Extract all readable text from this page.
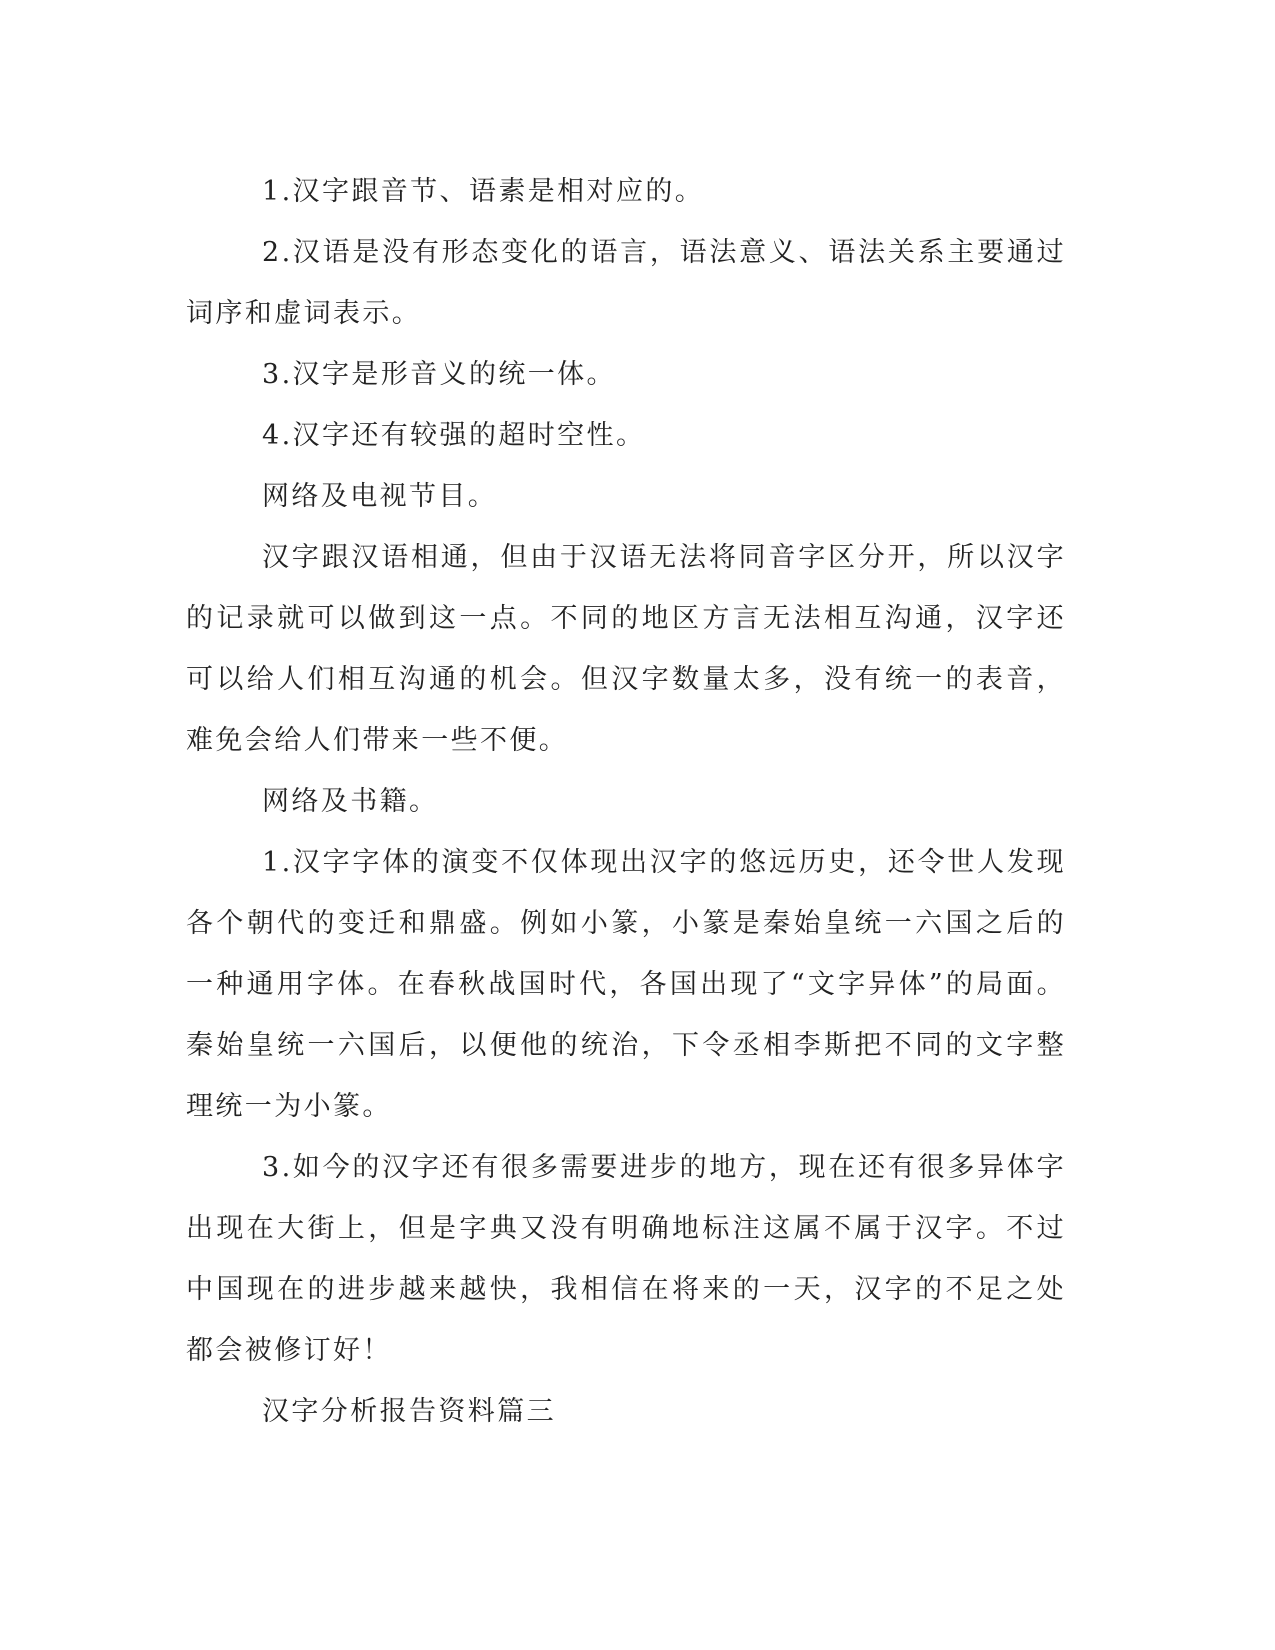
1.汉字跟音节、语素是相对应的。

2.汉语是没有形态变化的语言，语法意义、语法关系主要通过词序和虚词表示。

3.汉字是形音义的统一体。

4.汉字还有较强的超时空性。

网络及电视节目。

汉字跟汉语相通，但由于汉语无法将同音字区分开，所以汉字的记录就可以做到这一点。不同的地区方言无法相互沟通，汉字还可以给人们相互沟通的机会。但汉字数量太多，没有统一的表音，难免会给人们带来一些不便。

网络及书籍。

1.汉字字体的演变不仅体现出汉字的悠远历史，还令世人发现各个朝代的变迁和鼎盛。例如小篆，小篆是秦始皇统一六国之后的一种通用字体。在春秋战国时代，各国出现了“文字异体”的局面。秦始皇统一六国后，以便他的统治，下令丞相李斯把不同的文字整理统一为小篆。

3.如今的汉字还有很多需要进步的地方，现在还有很多异体字出现在大街上，但是字典又没有明确地标注这属不属于汉字。不过中国现在的进步越来越快，我相信在将来的一天，汉字的不足之处都会被修订好！

汉字分析报告资料篇三
